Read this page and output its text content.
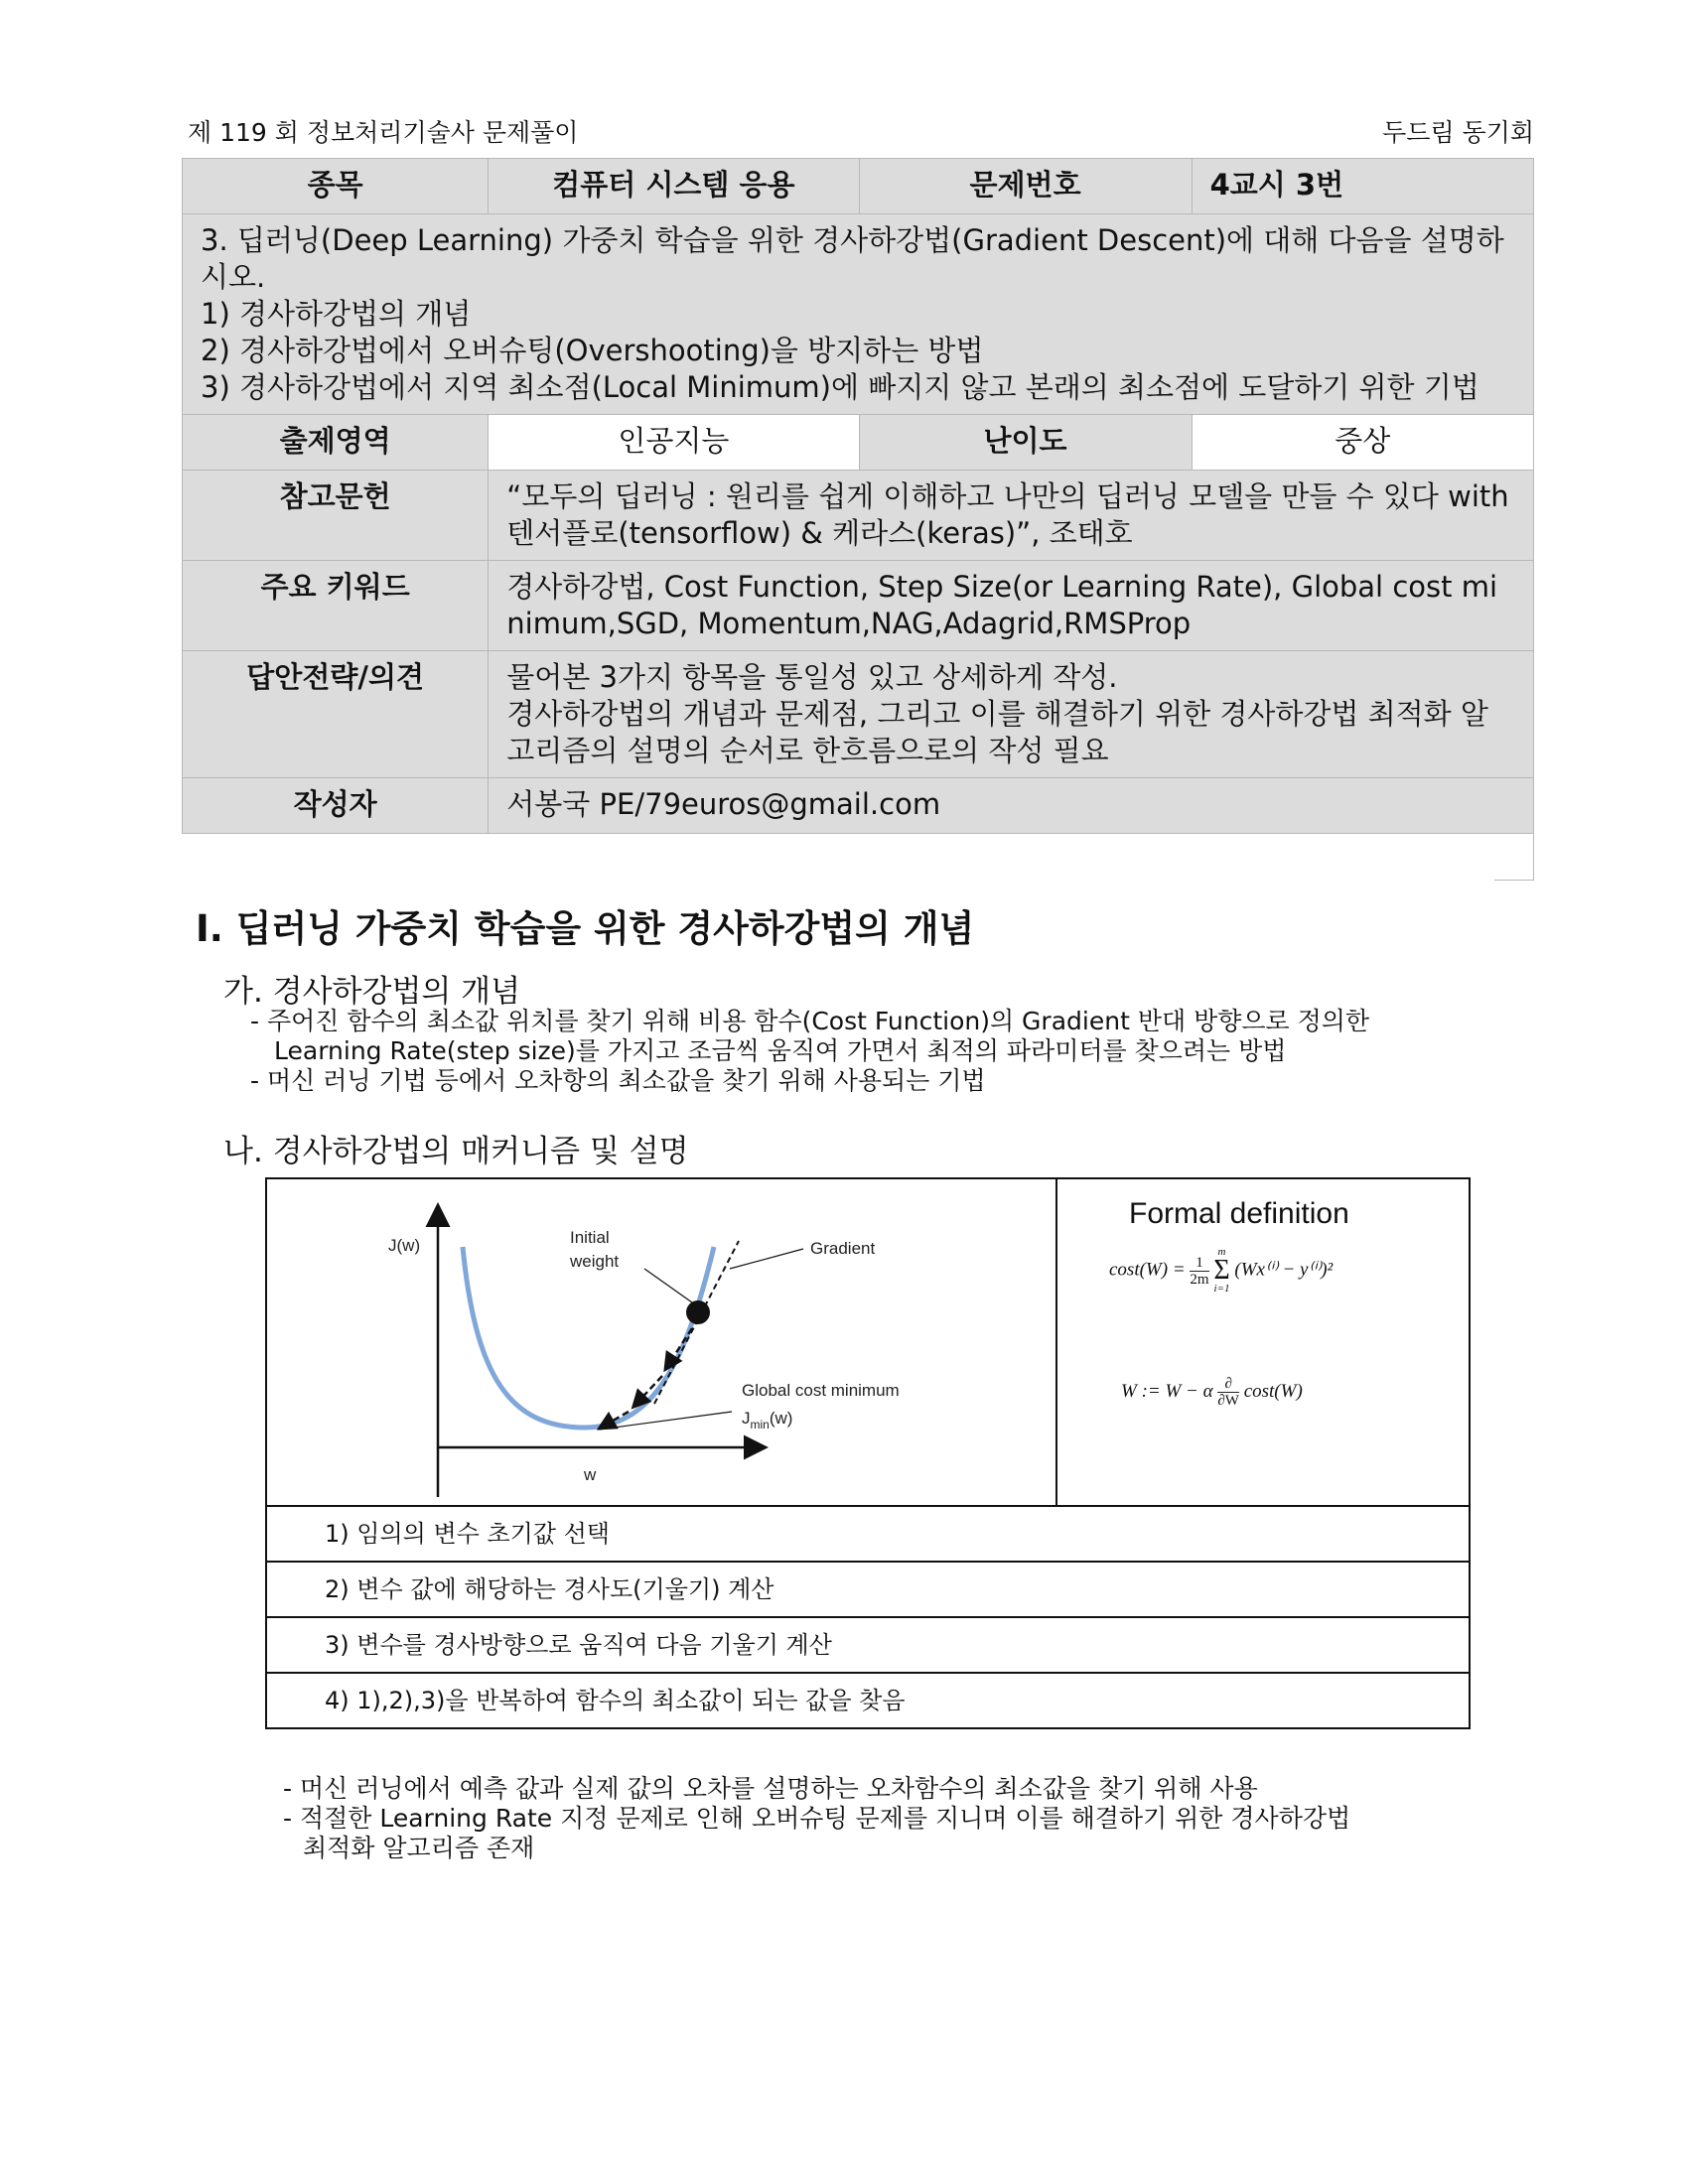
제 119 회 정보처리기술사 문제풀이	두드림 동기회
종목	컴퓨터 시스템 응용	문제번호	4교시 3번

3. 딥러닝(Deep Learning) 가중치 학습을 위한 경사하강법(Gradient Descent)에 대해 다음을 설명하시오.

1) 경사하강법의 개념

2) 경사하강법에서 오버슈팅(Overshooting)을 방지하는 방법

3) 경사하강법에서 지역 최소점(Local Minimum)에 빠지지 않고 본래의 최소점에 도달하기 위한 기법			

출제영역	인공지능	난이도	중상
참고문헌	“모두의 딥러닝 : 원리를 쉽게 이해하고 나만의 딥러닝 모델을 만들 수 있다 with 텐서플로(tensorflow) & 케라스(keras)”, 조태호		
주요 키워드	경사하강법, Cost Function, Step Size(or Learning Rate), Global cost minimum,SGD, Momentum,NAG,Adagrid,RMSProp		
답안전략/의견	물어본 3가지 항목을 통일성 있고 상세하게 작성.
경사하강법의 개념과 문제점, 그리고 이를 해결하기 위한 경사하강법 최적화 알고리즘의 설명의 순서로 한흐름으로의 작성 필요		

작성자	서봉국 PE/79euros@gmail.com		
I. 딥러닝 가중치 학습을 위한 경사하강법의 개념
가. 경사하강법의 개념

- 주어진 함수의 최소값 위치를 찾기 위해 비용 함수(Cost Function)의 Gradient 반대 방향으로 정의한

Learning Rate(step size)를 가지고 조금씩 움직여 가면서 최적의 파라미터를 찾으려는 방법

- 머신 러닝 기법 등에서 오차항의 최소값을 찾기 위해 사용되는 기법

나. 경사하강법의 매커니즘 및 설명
J(w)
w
Initial
weight
Gradient
Global cost minimum
$J_{min}(w)$
Formal definition
$\cos t(W) = \frac{1}{2m}$
m
Σ
i=1 (Wx⁽ⁱ⁾ − y⁽ⁱ⁾)²
W := W − α ∂
∂W cost(W)
1) 임의의 변수 초기값 선택
2) 변수 값에 해당하는 경사도(기울기) 계산
3) 변수를 경사방향으로 움직여 다음 기울기 계산
4) 1),2),3)을 반복하여 함수의 최소값이 되는 값을 찾음

- 머신 러닝에서 예측 값과 실제 값의 오차를 설명하는 오차함수의 최소값을 찾기 위해 사용

- 적절한 Learning Rate 지정 문제로 인해 오버슈팅 문제를 지니며 이를 해결하기 위한 경사하강법

최적화 알고리즘 존재
